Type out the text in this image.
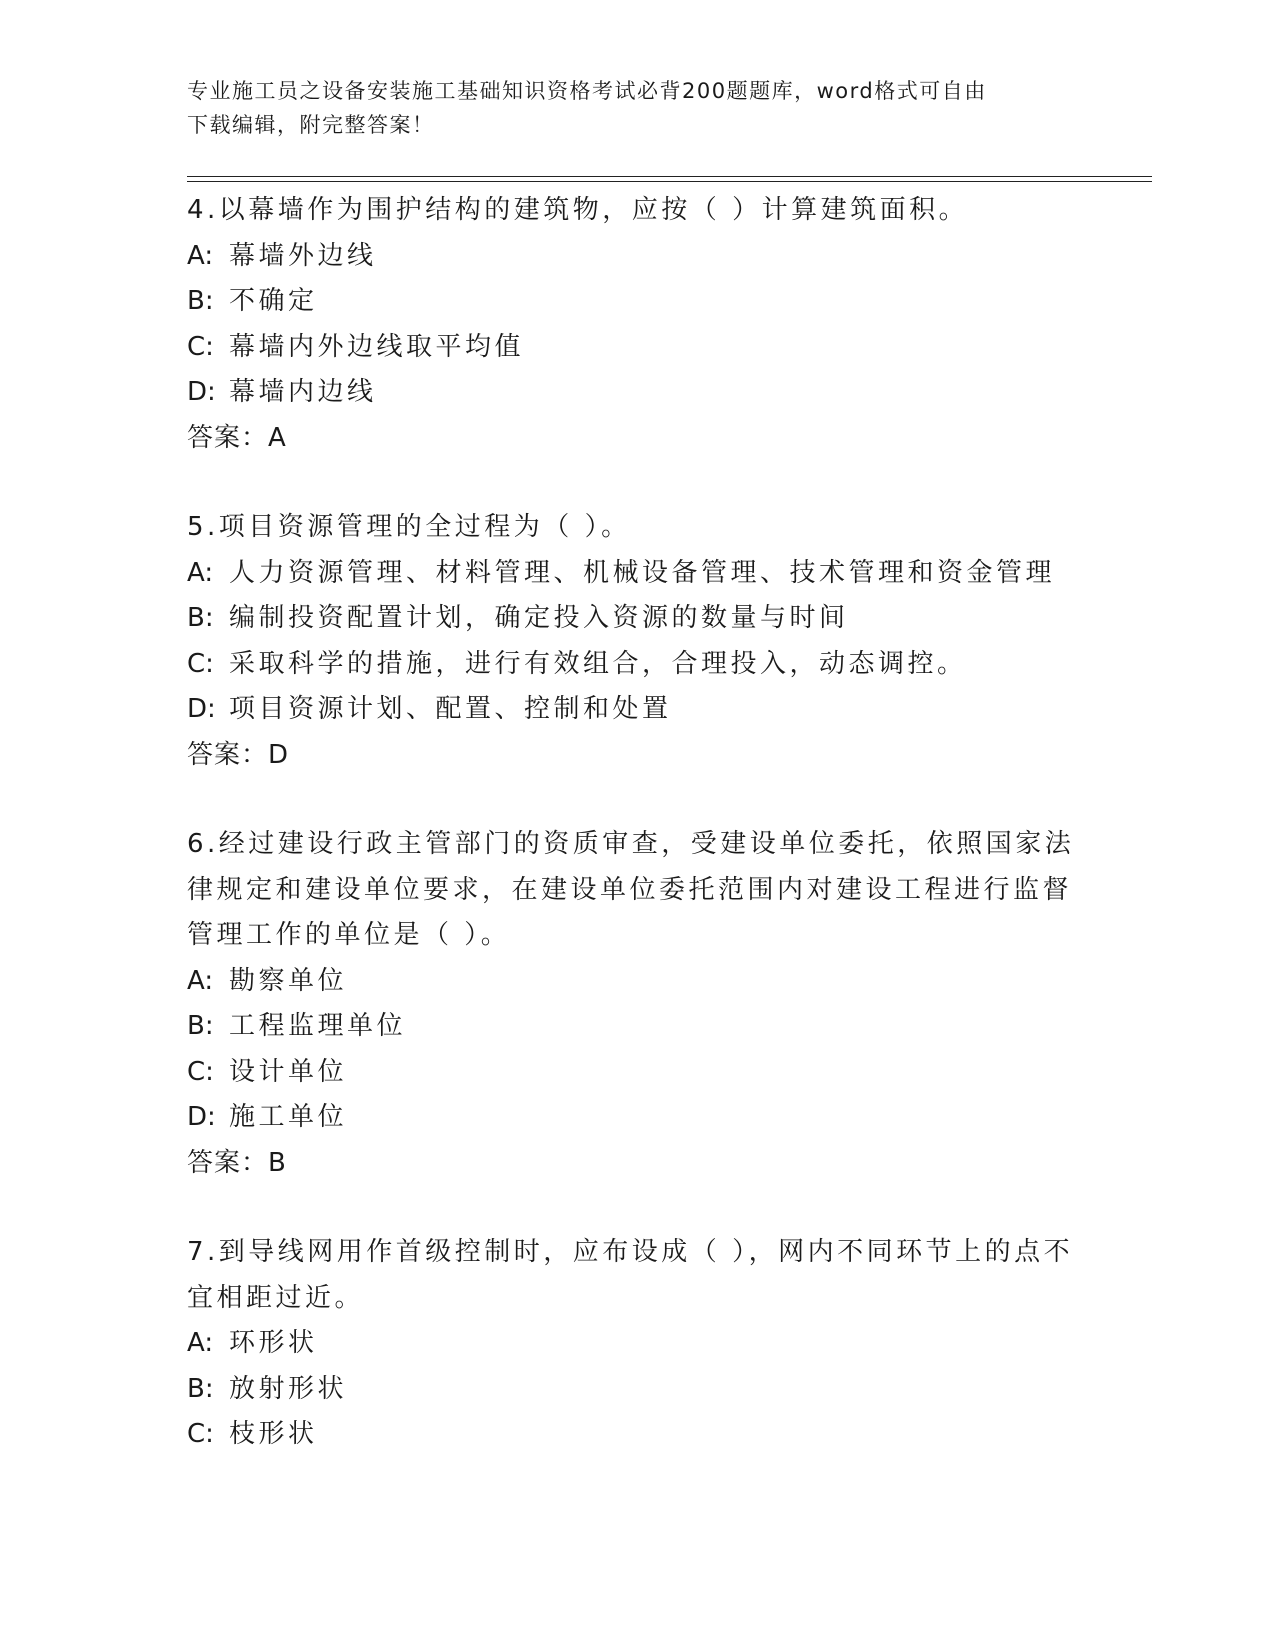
专业施工员之设备安装施工基础知识资格考试必背200题题库，word格式可自由
下载编辑，附完整答案！

4.以幕墙作为围护结构的建筑物，应按（ ）计算建筑面积。

A: 幕墙外边线

B: 不确定

C: 幕墙内外边线取平均值

D: 幕墙内边线

答案：A

5.项目资源管理的全过程为（ ）。

A: 人力资源管理、材料管理、机械设备管理、技术管理和资金管理

B: 编制投资配置计划，确定投入资源的数量与时间

C: 采取科学的措施，进行有效组合，合理投入，动态调控。

D: 项目资源计划、配置、控制和处置

答案：D

6.经过建设行政主管部门的资质审查，受建设单位委托，依照国家法律规定和建设单位要求，在建设单位委托范围内对建设工程进行监督管理工作的单位是（ ）。

A: 勘察单位

B: 工程监理单位

C: 设计单位

D: 施工单位

答案：B

7.到导线网用作首级控制时，应布设成（ ），网内不同环节上的点不宜相距过近。

A: 环形状

B: 放射形状

C: 枝形状
